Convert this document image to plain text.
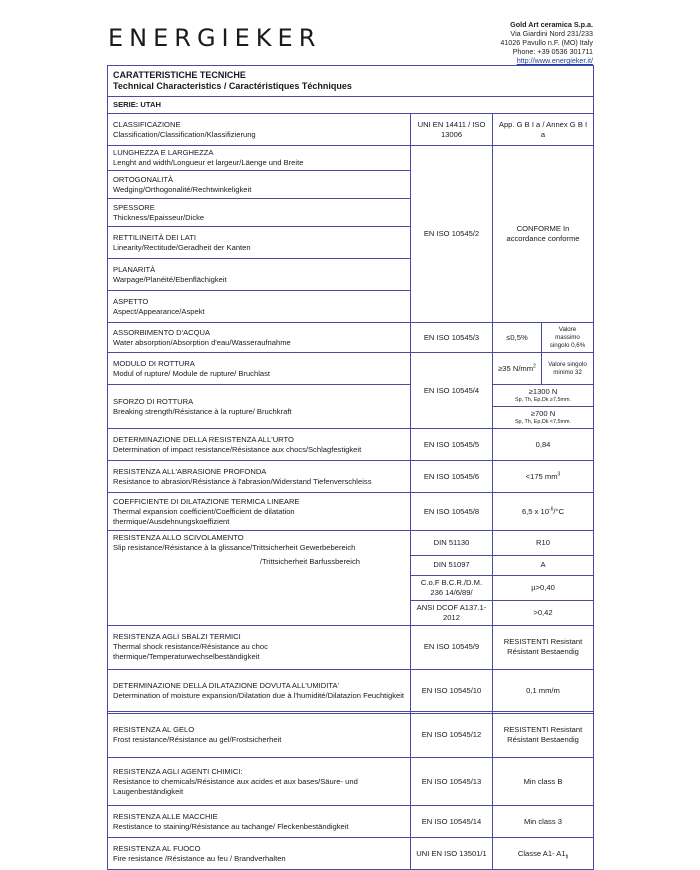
ENERGIEKER	Gold Art ceramica S.p.a.
Via Giardini Nord 231/233
41026 Pavullo n.F. (MO) Italy
Phone: +39 0536 301711
http://www.energieker.it/
CARATTERISTICHE TECNICHE
Technical Characteristics / Caractéristiques Téchniques			

SERIE: UTAH			

CLASSIFICAZIONE
Classification/Classification/Klassifizierung	UNI EN 14411 / ISO 13006	App. G B I a / Annex G B I a	

LUNGHEZZA E LARGHEZZA
Lenght and width/Longueur et largeur/Läenge und Breite	EN ISO 10545/2	CONFORME In accordance conforme	

ORTOGONALITÀ
Wedging/Orthogonalité/Rechtwinkeligkeit			

SPESSORE
Thickness/Epaisseur/Dicke			

RETTILINEITÀ DEI LATI
Linearity/Rectitude/Geradheit der Kanten			

PLANARITÀ
Warpage/Planéité/Ebenflächigkeit			

ASPETTO
Aspect/Appearance/Aspekt			

ASSORBIMENTO D'ACQUA
Water absorption/Absorption d'eau/Wasseraufnahme	EN ISO 10545/3	≤0,5%	Valore massimo singolo 0,6%

MODULO DI ROTTURA
Modul of rupture/ Module de rupture/ Bruchlast	EN ISO 10545/4	≥35 $N/mm^2$	Valore singolo minimo 32

SFORZO DI ROTTURA
Breaking strength/Résistance à la rupture/ Bruchkraft		≥1300 N
Sp, Th, Ep,Dk ≥7,5mm.	

		≥700 N
Sp, Th, Ep,Dk <7,5mm.	

DETERMINAZIONE DELLA RESISTENZA ALL'URTO
Determination of impact resistance/Résistance aux chocs/Schlagfestigkeit	EN ISO 10545/5	0,84	

RESISTENZA ALL'ABRASIONE PROFONDA
Resistance to abrasion/Résistance à l'abrasion/Widerstand Tiefenverschleiss	EN ISO 10545/6	<175 $mm^3$

COEFFICIENTE DI DILATAZIONE TERMICA LINEARE
Thermal expansion coefficient/Coefficient de dilatation thermique/Ausdehnungskoeffizient	EN ISO 10545/8	6,5 x $10^{-6}/^\circ C$	

RESISTENZA ALLO SCIVOLAMENTO
Slip resistance/Résistance à la glissance/Trittsicherheit Gewerbebereich	DIN 51130	R10	
/Trittsicherheit Barfussbereich	DIN 51097	A	
	C.o.F B.C.R./D.M. 236 14/6/89/	µ>0,40	
	ANSI DCOF A137.1-2012	>0,42	

RESISTENZA AGLI SBALZI TERMICI
Thermal shock resistance/Résistance au choc thermique/Temperaturwechselbeständigkeit	EN ISO 10545/9	RESISTENTI Resistant Résistant Bestaendig	

DETERMINAZIONE DELLA DILATAZIONE DOVUTA ALL'UMIDITA'
Determination of moisture expansion/Dilatation due à l'humidité/Dilatazion Feuchtigkeit	EN ISO 10545/10	0,1 mm/m	
RESISTENZA AL GELO
Frost resistance/Résistance au gel/Frostsicherheit	EN ISO 10545/12	RESISTENTI Resistant Résistant Bestaendig

RESISTENZA AGLI AGENTI CHIMICI:
Resistance to chemicals/Résistance aux acides et aux bases/Säure- und Laugenbeständigkeit	EN ISO 10545/13	Min class B

RESISTENZA ALLE MACCHIE
Restistance to staining/Résistance au tachange/ Fleckenbeständigkeit	EN ISO 10545/14	Min class 3

RESISTENZA AL FUOCO
Fire resistance /Résistance au feu / Brandverhalten	UNI EN ISO 13501/1	Classe A1- $A1_{fl}$
